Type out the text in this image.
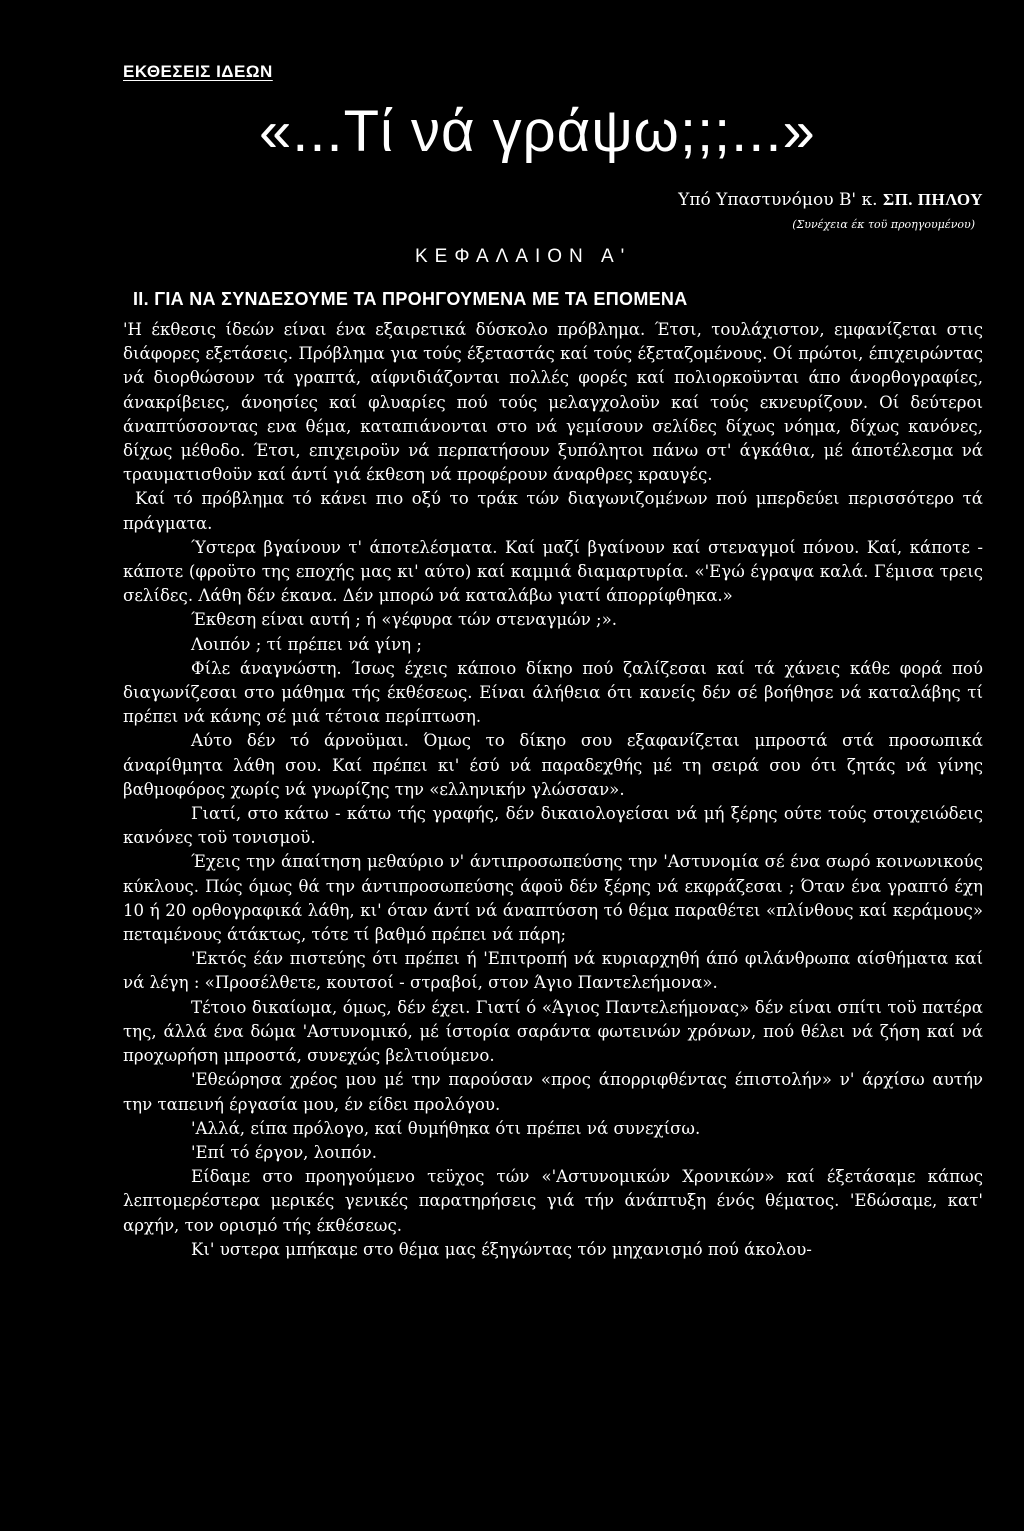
ΕΚΘΕΣΕΙΣ ΙΔΕΩΝ
«...Τί νά γράψω;;;...»
Υπό Υπαστυνόμου Β' κ. ΣΠ. ΠΗΛΟΥ
(Συνέχεια έκ τοϋ προηγουμένου)
ΚΕΦΑΛΑΙΟΝ Α'
ΙΙ. ΓΙΑ ΝΑ ΣΥΝΔΕΣΟΥΜΕ ΤΑ ΠΡΟΗΓΟΥΜΕΝΑ ΜΕ ΤΑ ΕΠΟΜΕΝΑ

'Η έκθεσις ίδεών είναι ένα εξαιρετικά δύσκολο πρόβλημα. Έτσι, τουλάχιστον, εμφανίζεται στις διάφορες εξετάσεις. Πρόβλημα για τούς έξεταστάς καί τούς έξεταζομένους. Οί πρώτοι, έπιχειρώντας νά διορθώσουν τά γραπτά, αίφνιδιάζονται πολλές φορές καί πολιορκοϋνται άπο άνορθογραφίες, άνακρίβειες, άνοησίες καί φλυαρίες πού τούς μελαγχολοϋν καί τούς εκνευρίζουν. Οί δεύτεροι άναπτύσσοντας ενα θέμα, καταπιάνονται στο νά γεμίσουν σελίδες δίχως νόημα, δίχως κανόνες, δίχως μέθοδο. Έτσι, επιχειροϋν νά περπατήσουν ξυπόλητοι πάνω στ' άγκάθια, μέ άποτέλεσμα νά τραυματισθοϋν καί άντί γιά έκθεση νά προφέρουν άναρθρες κραυγές.

Καί τό πρόβλημα τό κάνει πιο οξύ το τράκ τών διαγωνιζομένων πού μπερδεύει περισσότερο τά πράγματα.

Ύστερα βγαίνουν τ' άποτελέσματα. Καί μαζί βγαίνουν καί στεναγμοί πόνου. Καί, κάποτε - κάποτε (φροϋτο της εποχής μας κι' αύτο) καί καμμιά διαμαρτυρία. «'Εγώ έγραψα καλά. Γέμισα τρεις σελίδες. Λάθη δέν έκανα. Δέν μπορώ νά καταλάβω γιατί άπορρίφθηκα.»

Έκθεση είναι αυτή ; ή «γέφυρα τών στεναγμών ;».

Λοιπόν ; τί πρέπει νά γίνη ;

Φίλε άναγνώστη. Ίσως έχεις κάποιο δίκηο πού ζαλίζεσαι καί τά χάνεις κάθε φορά πού διαγωνίζεσαι στο μάθημα τής έκθέσεως. Είναι άλήθεια ότι κανείς δέν σέ βοήθησε νά καταλάβης τί πρέπει νά κάνης σέ μιά τέτοια περίπτωση.

Αύτο δέν τό άρνοϋμαι. Όμως το δίκηο σου εξαφανίζεται μπροστά στά προσωπικά άναρίθμητα λάθη σου. Καί πρέπει κι' έσύ νά παραδεχθής μέ τη σειρά σου ότι ζητάς νά γίνης βαθμοφόρος χωρίς νά γνωρίζης την «ελληνικήν γλώσσαν».

Γιατί, στο κάτω - κάτω τής γραφής, δέν δικαιολογείσαι νά μή ξέρης ούτε τούς στοιχειώδεις κανόνες τοϋ τονισμοϋ.

Έχεις την άπαίτηση μεθαύριο ν' άντιπροσωπεύσης την 'Αστυνομία σέ ένα σωρό κοινωνικούς κύκλους. Πώς όμως θά την άντιπροσωπεύσης άφοϋ δέν ξέρης νά εκφράζεσαι ; Όταν ένα γραπτό έχη 10 ή 20 ορθογραφικά λάθη, κι' όταν άντί νά άναπτύσση τό θέμα παραθέτει «πλίνθους καί κεράμους» πεταμένους άτάκτως, τότε τί βαθμό πρέπει νά πάρη;

'Εκτός έάν πιστεύης ότι πρέπει ή 'Επιτροπή νά κυριαρχηθή άπό φιλάνθρωπα αίσθήματα καί νά λέγη : «Προσέλθετε, κουτσοί - στραβοί, στον Άγιο Παντελεήμονα».

Τέτοιο δικαίωμα, όμως, δέν έχει. Γιατί ό «Άγιος Παντελεήμονας» δέν είναι σπίτι τοϋ πατέρα της, άλλά ένα δώμα 'Αστυνομικό, μέ ίστορία σαράντα φωτεινών χρόνων, πού θέλει νά ζήση καί νά προχωρήση μπροστά, συνεχώς βελτιούμενο.

'Εθεώρησα χρέος μου μέ την παρούσαν «προς άπορριφθέντας έπιστολήν» ν' άρχίσω αυτήν την ταπεινή έργασία μου, έν είδει προλόγου.

'Αλλά, είπα πρόλογο, καί θυμήθηκα ότι πρέπει νά συνεχίσω.

'Επί τό έργον, λοιπόν.

Είδαμε στο προηγούμενο τεϋχος τών «'Αστυνομικών Χρονικών» καί έξετάσαμε κάπως λεπτομερέστερα μερικές γενικές παρατηρήσεις γιά τήν άνάπτυξη ένός θέματος. 'Εδώσαμε, κατ' αρχήν, τον ορισμό τής έκθέσεως.

Κι' υστερα μπήκαμε στο θέμα μας έξηγώντας τόν μηχανισμό πού άκολου-
